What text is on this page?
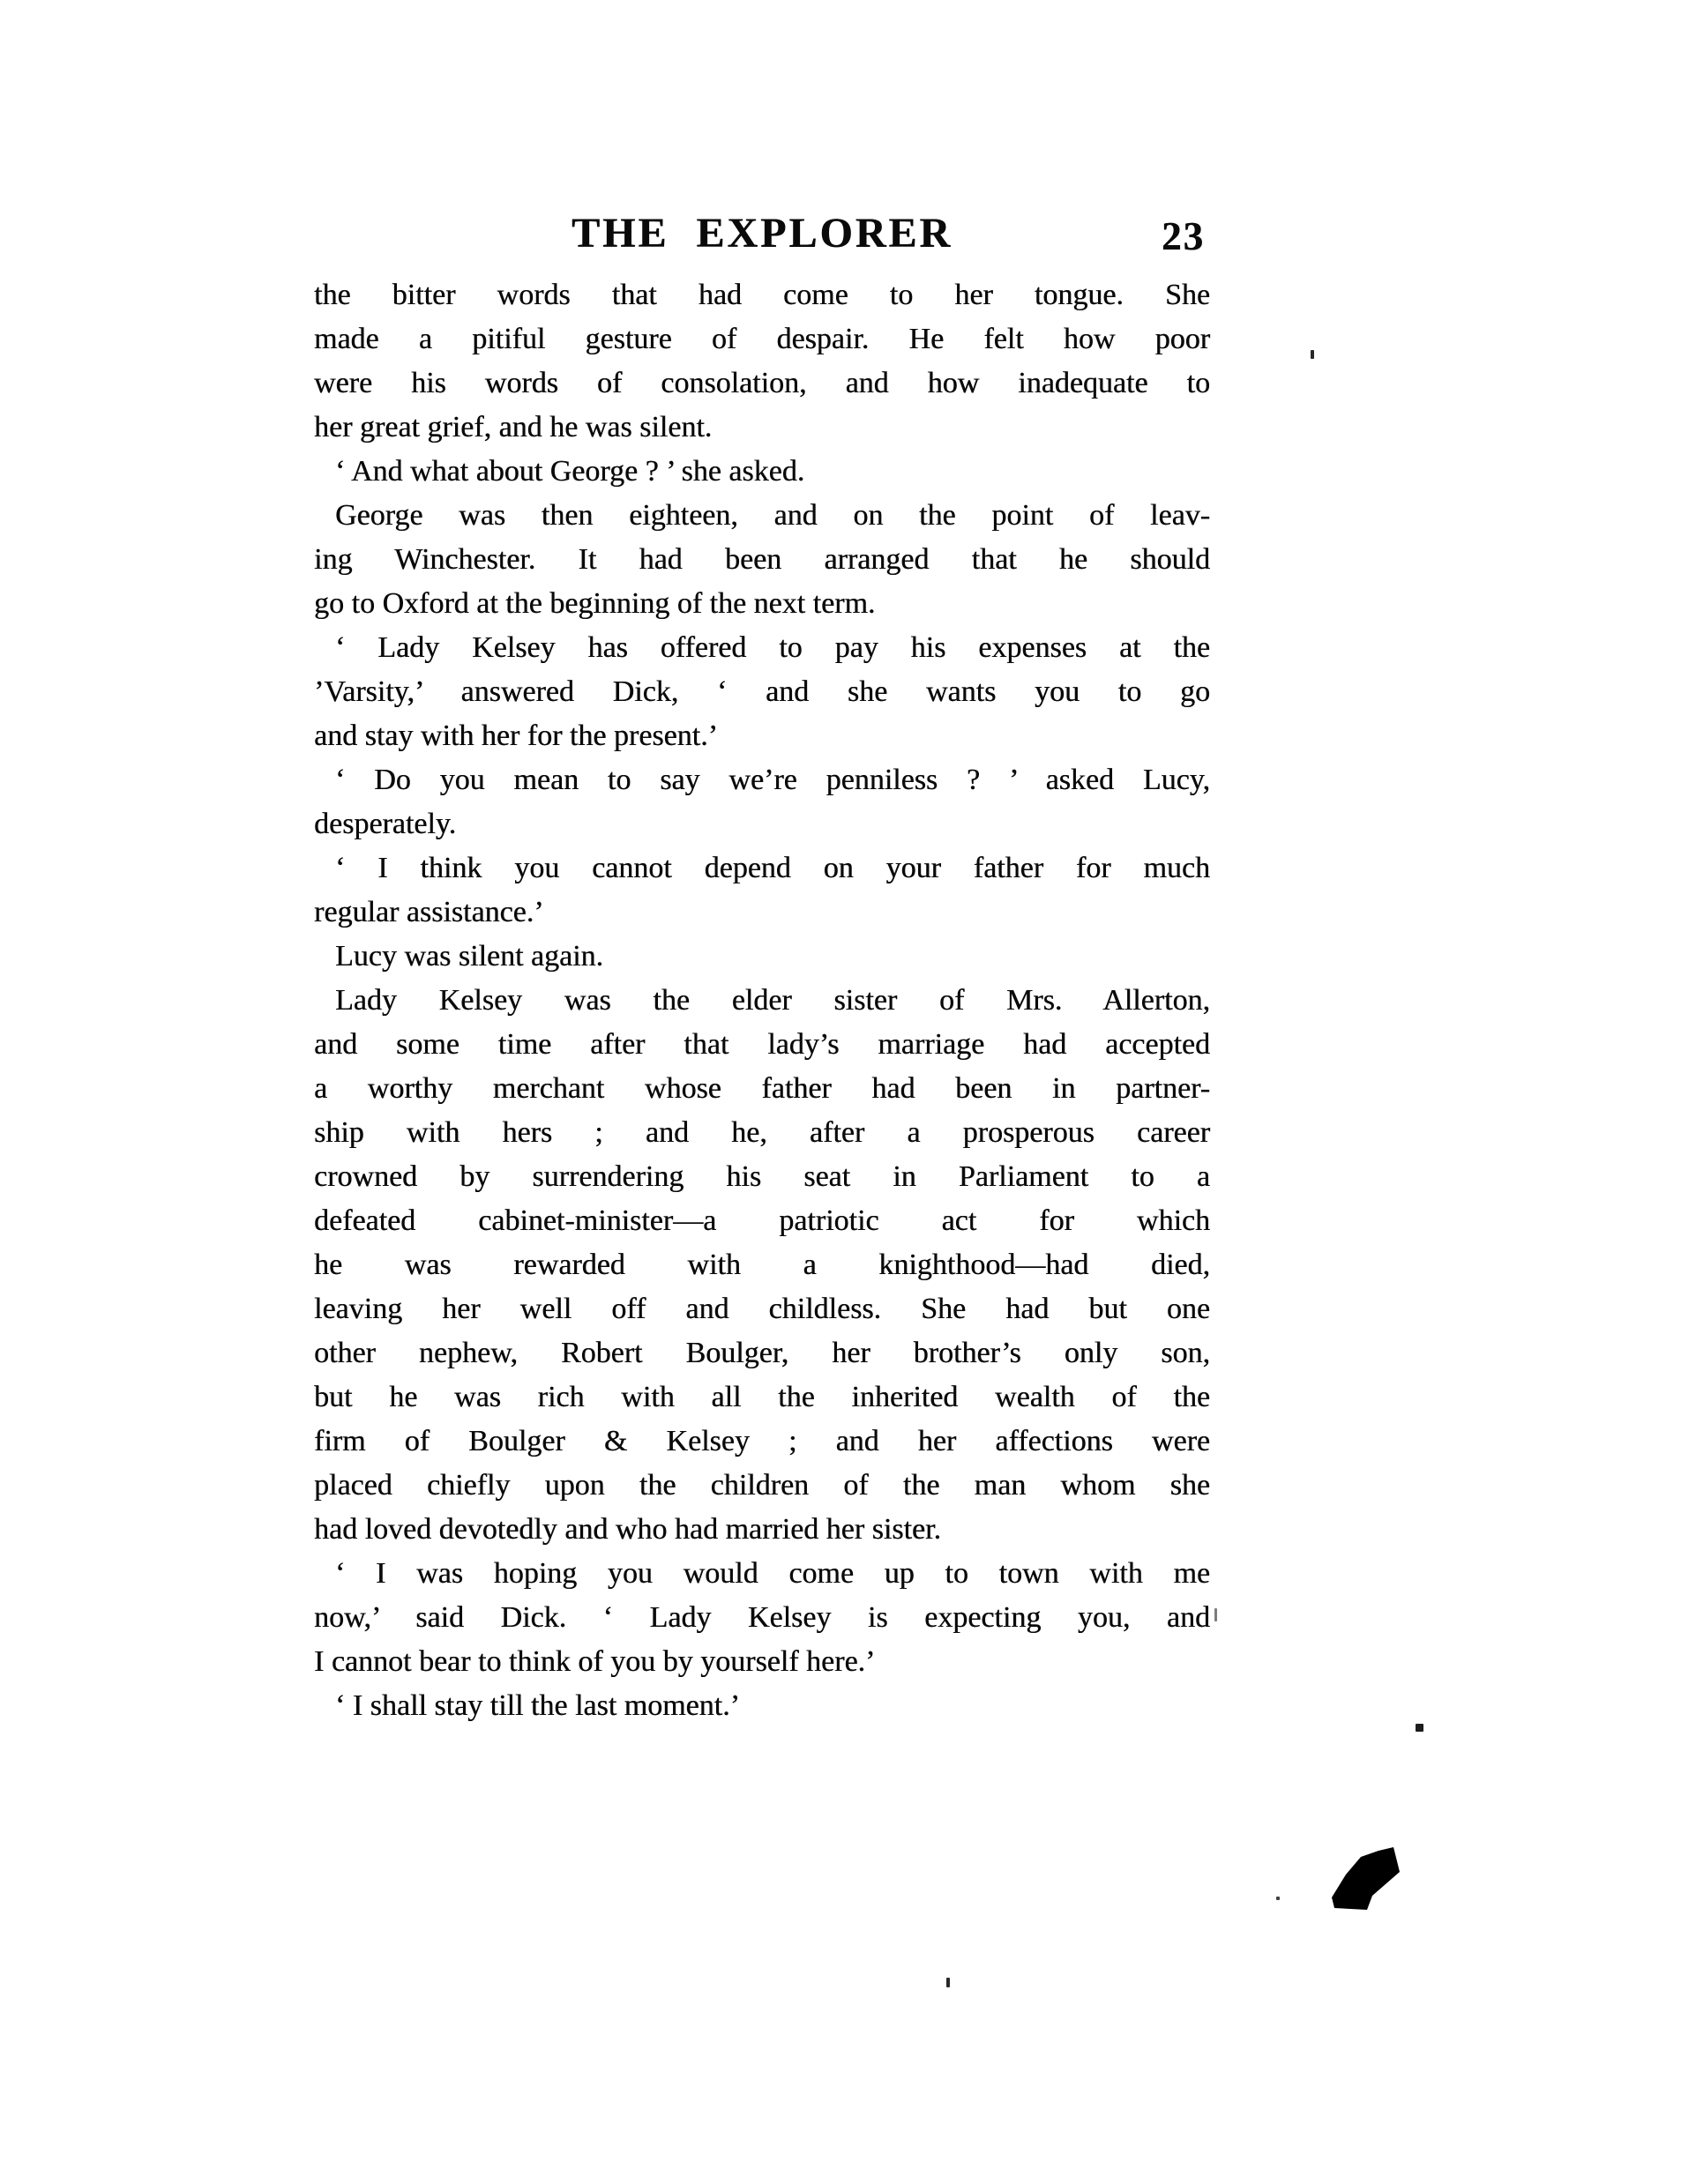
THE EXPLORER	23
the bitter words that had come to her tongue. She
made a pitiful gesture of despair. He felt how poor
were his words of consolation, and how inadequate to
her great grief, and he was silent.
‘ And what about George ? ’ she asked.
George was then eighteen, and on the point of leav-
ing Winchester. It had been arranged that he should
go to Oxford at the beginning of the next term.
‘ Lady Kelsey has offered to pay his expenses at the
’Varsity,’ answered Dick, ‘ and she wants you to go
and stay with her for the present.’
‘ Do you mean to say we’re penniless ? ’ asked Lucy,
desperately.
‘ I think you cannot depend on your father for much
regular assistance.’
Lucy was silent again.
Lady Kelsey was the elder sister of Mrs. Allerton,
and some time after that lady’s marriage had accepted
a worthy merchant whose father had been in partner-
ship with hers ; and he, after a prosperous career
crowned by surrendering his seat in Parliament to a
defeated cabinet-minister—a patriotic act for which
he was rewarded with a knighthood—had died,
leaving her well off and childless. She had but one
other nephew, Robert Boulger, her brother’s only son,
but he was rich with all the inherited wealth of the
firm of Boulger & Kelsey ; and her affections were
placed chiefly upon the children of the man whom she
had loved devotedly and who had married her sister.
‘ I was hoping you would come up to town with me
now,’ said Dick. ‘ Lady Kelsey is expecting you, and
I cannot bear to think of you by yourself here.’
‘ I shall stay till the last moment.’
